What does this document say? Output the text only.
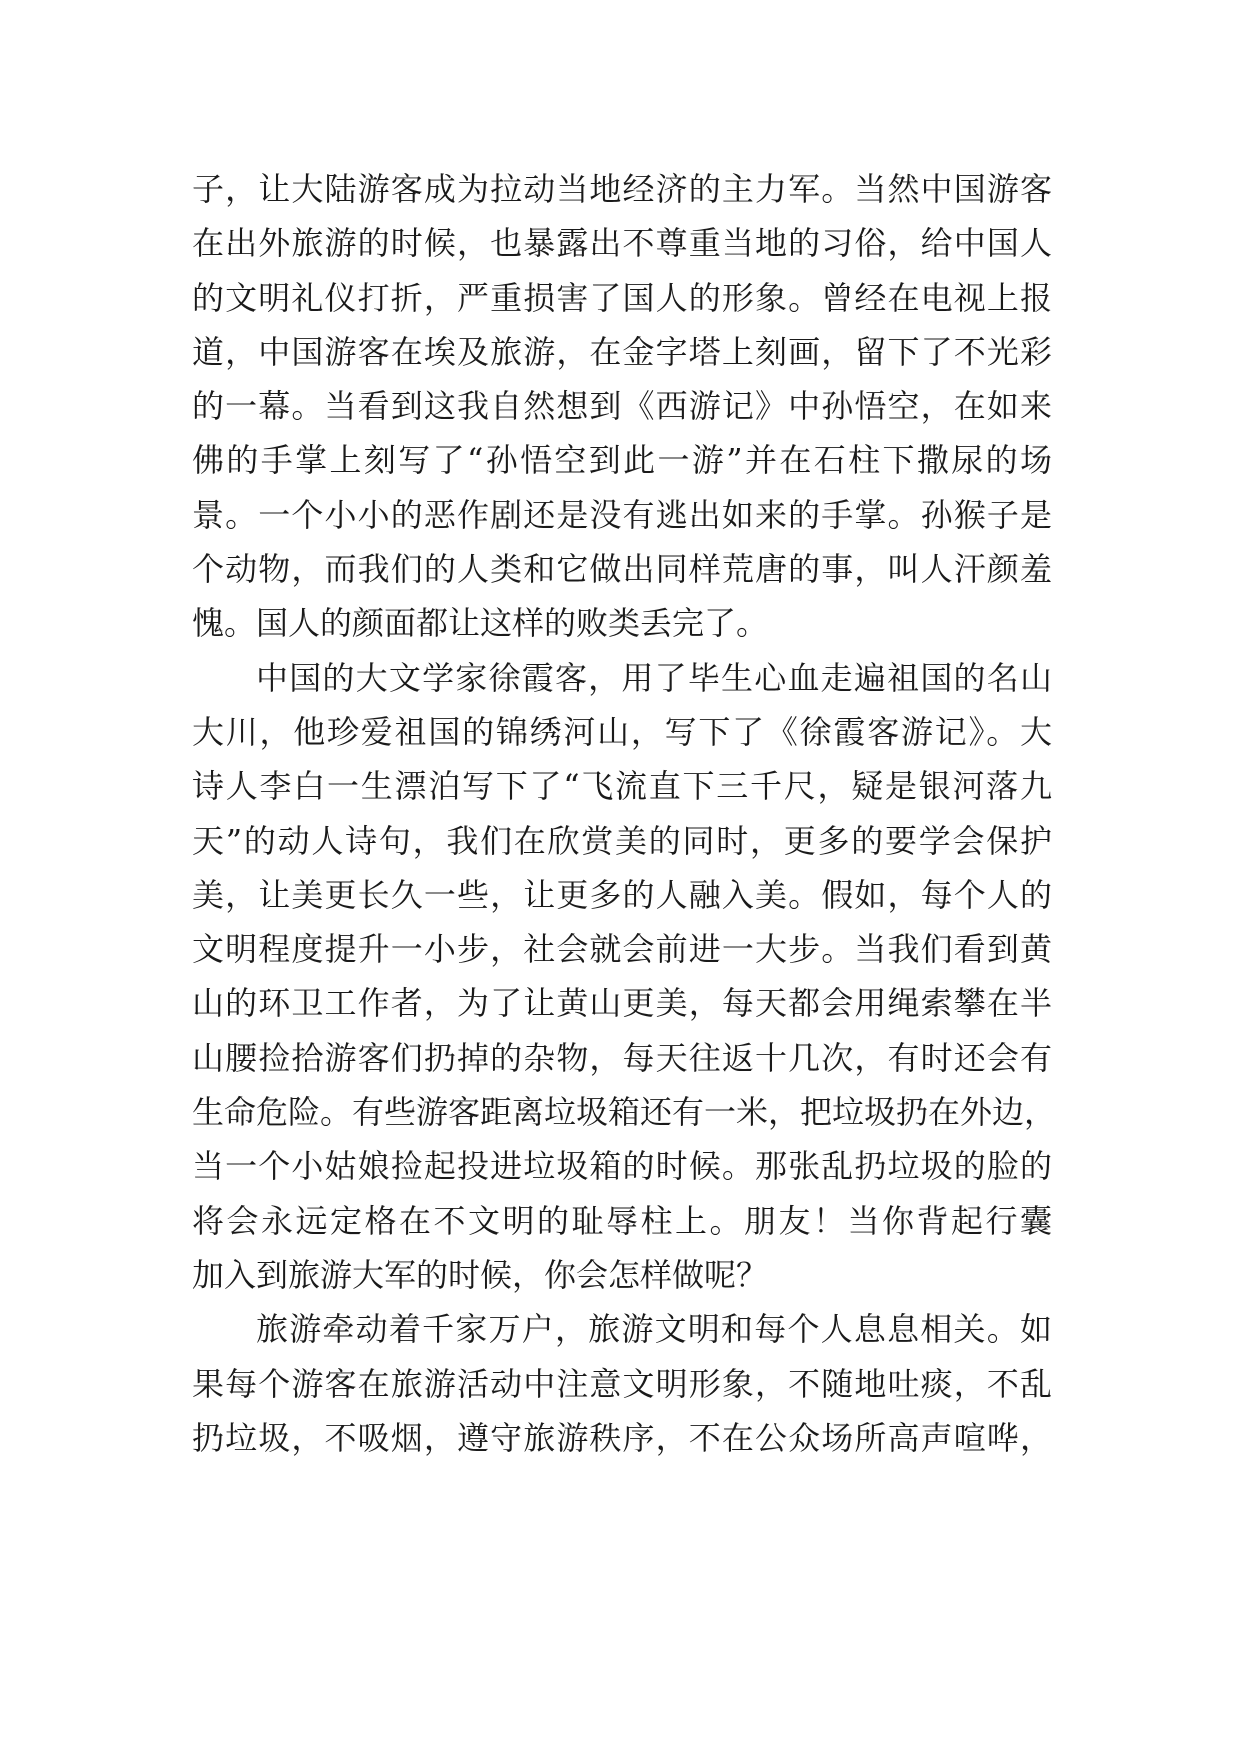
子，让大陆游客成为拉动当地经济的主力军。当然中国游客
在出外旅游的时候，也暴露出不尊重当地的习俗，给中国人
的文明礼仪打折，严重损害了国人的形象。曾经在电视上报
道，中国游客在埃及旅游，在金字塔上刻画，留下了不光彩
的一幕。当看到这我自然想到《西游记》中孙悟空，在如来
佛的手掌上刻写了“孙悟空到此一游”并在石柱下撒尿的场
景。一个小小的恶作剧还是没有逃出如来的手掌。孙猴子是
个动物，而我们的人类和它做出同样荒唐的事，叫人汗颜羞
愧。国人的颜面都让这样的败类丢完了。
中国的大文学家徐霞客，用了毕生心血走遍祖国的名山
大川，他珍爱祖国的锦绣河山，写下了《徐霞客游记》。大
诗人李白一生漂泊写下了“飞流直下三千尺，疑是银河落九
天”的动人诗句，我们在欣赏美的同时，更多的要学会保护
美，让美更长久一些，让更多的人融入美。假如，每个人的
文明程度提升一小步，社会就会前进一大步。当我们看到黄
山的环卫工作者，为了让黄山更美，每天都会用绳索攀在半
山腰捡拾游客们扔掉的杂物，每天往返十几次，有时还会有
生命危险。有些游客距离垃圾箱还有一米，把垃圾扔在外边，
当一个小姑娘捡起投进垃圾箱的时候。那张乱扔垃圾的脸的
将会永远定格在不文明的耻辱柱上。朋友！当你背起行囊
加入到旅游大军的时候，你会怎样做呢？
旅游牵动着千家万户，旅游文明和每个人息息相关。如
果每个游客在旅游活动中注意文明形象，不随地吐痰，不乱
扔垃圾，不吸烟，遵守旅游秩序，不在公众场所高声喧哗，
